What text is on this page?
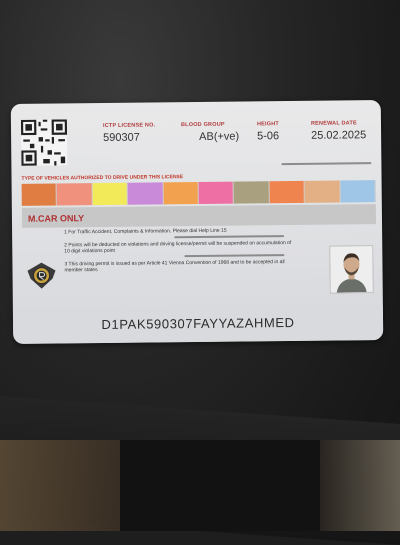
ICTP LICENSE NO.
590307
BLOOD GROUP
AB(+ve)
HEIGHT
5-06
RENEWAL DATE
25.02.2025
TYPE OF VEHICLES AUTHORIZED TO DRIVE UNDER THIS LICENSE
M.CAR ONLY
1 For Traffic Accident, Complaints & Information, Please dial Help Line 15
2 Points will be deducted on violations and driving license/permit will be suspended on accumulation of 10 digit violations point
3 This driving permit is issued as per Article 41 Vienna Convention of 1968 and to be accepted in all member states
D1PAK590307FAYYAZAHMED
